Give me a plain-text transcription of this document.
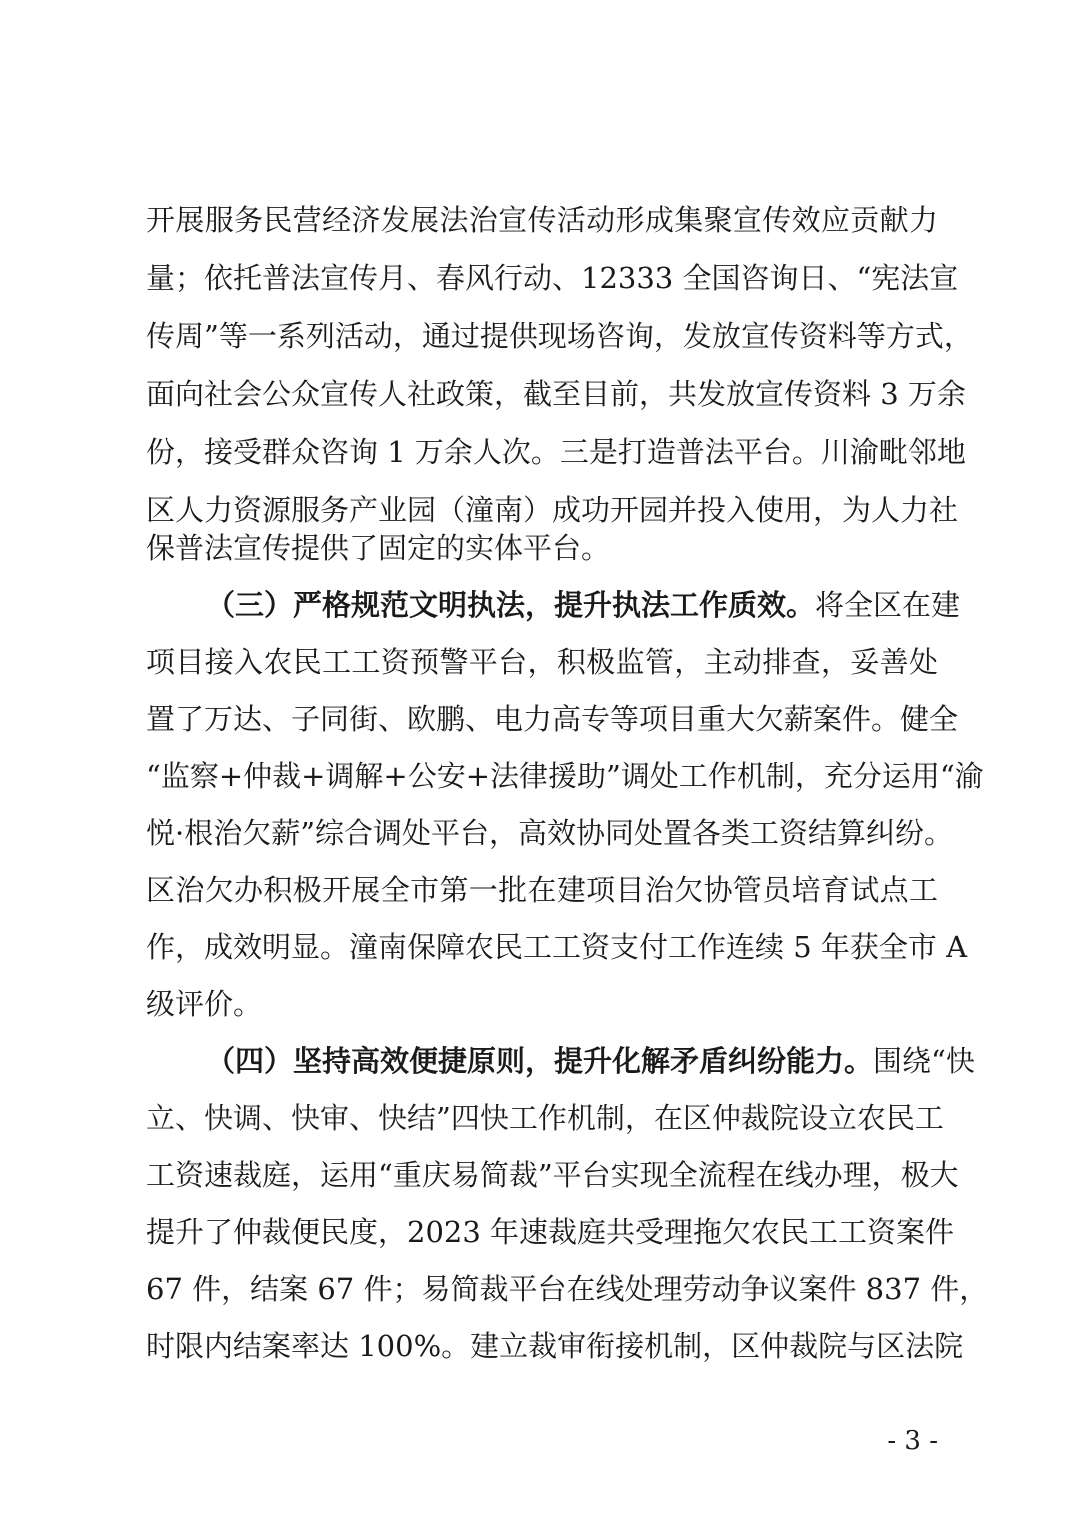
开展服务民营经济发展法治宣传活动形成集聚宣传效应贡献力
量；依托普法宣传月、春风行动、12333 全国咨询日、“宪法宣
传周”等一系列活动，通过提供现场咨询，发放宣传资料等方式，
面向社会公众宣传人社政策，截至目前，共发放宣传资料 3 万余
份，接受群众咨询 1 万余人次。三是打造普法平台。川渝毗邻地
区人力资源服务产业园（潼南）成功开园并投入使用，为人力社
保普法宣传提供了固定的实体平台。
（三）严格规范文明执法，提升执法工作质效。将全区在建
项目接入农民工工资预警平台，积极监管，主动排查，妥善处
置了万达、子同街、欧鹏、电力高专等项目重大欠薪案件。健全
“监察+仲裁+调解+公安+法律援助”调处工作机制，充分运用“渝
悦·根治欠薪”综合调处平台，高效协同处置各类工资结算纠纷。
区治欠办积极开展全市第一批在建项目治欠协管员培育试点工
作，成效明显。潼南保障农民工工资支付工作连续 5 年获全市 A
级评价。
（四）坚持高效便捷原则，提升化解矛盾纠纷能力。围绕“快
立、快调、快审、快结”四快工作机制，在区仲裁院设立农民工
工资速裁庭，运用“重庆易简裁”平台实现全流程在线办理，极大
提升了仲裁便民度，2023 年速裁庭共受理拖欠农民工工资案件
67 件，结案 67 件；易简裁平台在线处理劳动争议案件 837 件，
时限内结案率达 100%。建立裁审衔接机制，区仲裁院与区法院
- 3 -
